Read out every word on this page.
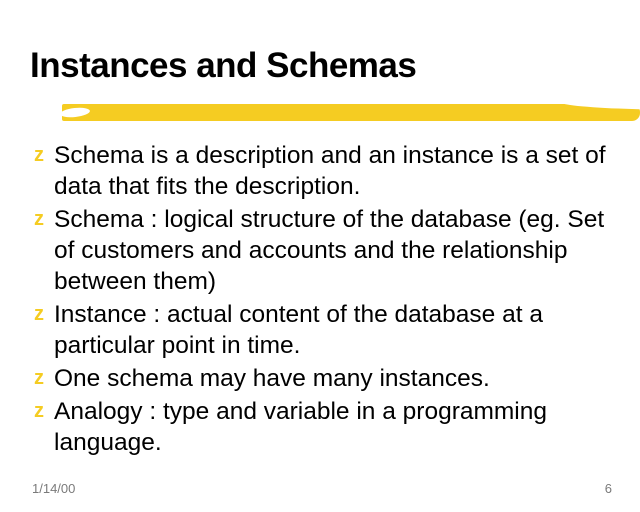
Instances and Schemas
z Schema is a description and an instance is a set of data that fits the description.
z Schema : logical structure of the database (eg. Set of customers and accounts and the relationship between them)
z Instance : actual content of the database at a particular point in time.
z One schema may have many instances.
z Analogy : type and variable in a programming language.
1/14/00	6
